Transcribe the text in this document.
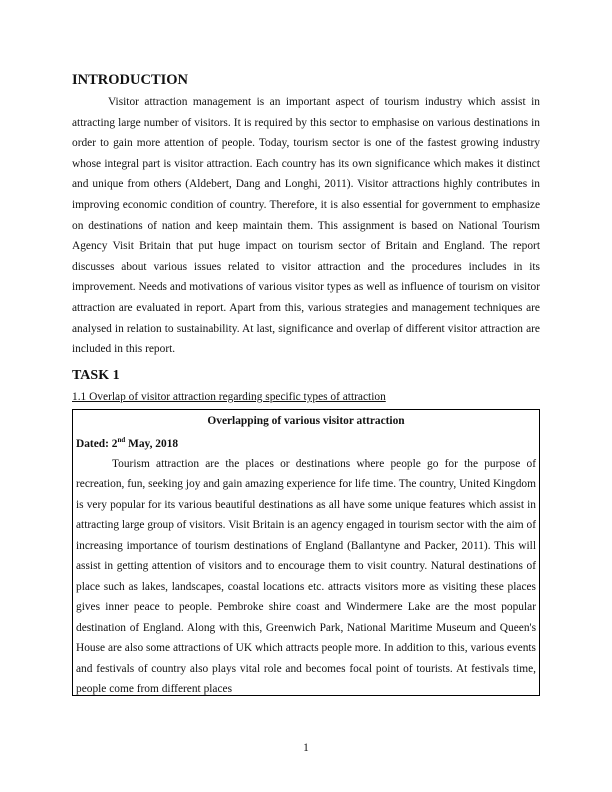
INTRODUCTION

Visitor attraction management is an important aspect of tourism industry which assist in attracting large number of visitors. It is required by this sector to emphasise on various destinations in order to gain more attention of people. Today, tourism sector is one of the fastest growing industry whose integral part is visitor attraction. Each country has its own significance which makes it distinct and unique from others (Aldebert, Dang and Longhi, 2011). Visitor attractions highly contributes in improving economic condition of country. Therefore, it is also essential for government to emphasize on destinations of nation and keep maintain them. This assignment is based on National Tourism Agency Visit Britain that put huge impact on tourism sector of Britain and England. The report discusses about various issues related to visitor attraction and the procedures includes in its improvement. Needs and motivations of various visitor types as well as influence of tourism on visitor attraction are evaluated in report. Apart from this, various strategies and management techniques are analysed in relation to sustainability. At last, significance and overlap of different visitor attraction are included in this report.

TASK 1
1.1 Overlap of visitor attraction regarding specific types of attraction
Overlapping of various visitor attraction
Dated: 2nd May, 2018

Tourism attraction are the places or destinations where people go for the purpose of recreation, fun, seeking joy and gain amazing experience for life time. The country, United Kingdom is very popular for its various beautiful destinations as all have some unique features which assist in attracting large group of visitors. Visit Britain is an agency engaged in tourism sector with the aim of increasing importance of tourism destinations of England (Ballantyne and Packer, 2011). This will assist in getting attention of visitors and to encourage them to visit country. Natural destinations of place such as lakes, landscapes, coastal locations etc. attracts visitors more as visiting these places gives inner peace to people. Pembroke shire coast and Windermere Lake are the most popular destination of England. Along with this, Greenwich Park, National Maritime Museum and Queen's House are also some attractions of UK which attracts people more. In addition to this, various events and festivals of country also plays vital role and becomes focal point of tourists. At festivals time, people come from different places

1
